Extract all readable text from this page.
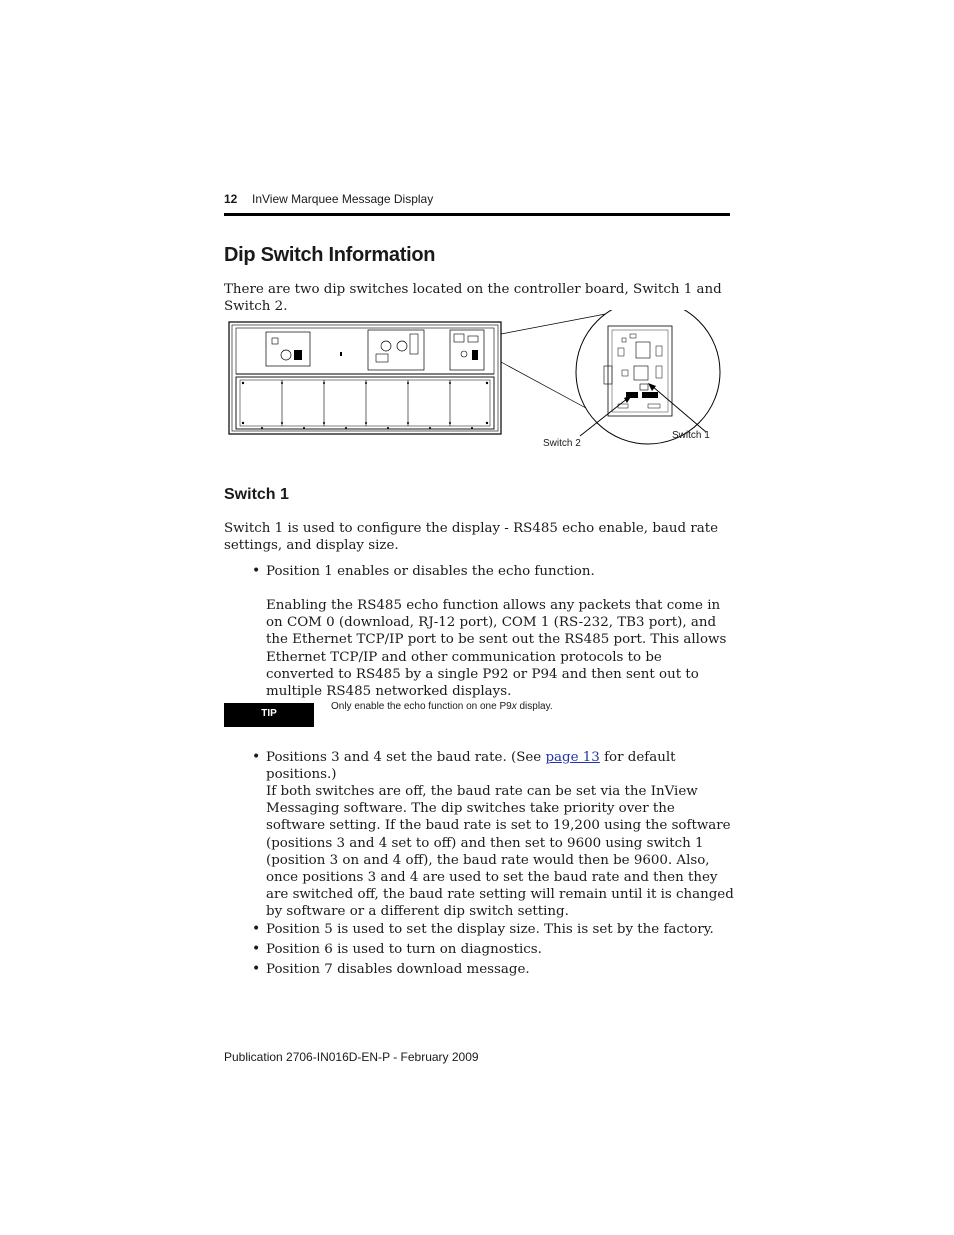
12 InView Marquee Message Display
Dip Switch Information

There are two dip switches located on the controller board, Switch 1 and Switch 2.

Switch 2
Switch 1
Switch 1

Switch 1 is used to configure the display - RS485 echo enable, baud rate settings, and display size.

• Position 1 enables or disables the echo function.

Enabling the RS485 echo function allows any packets that come in on COM 0 (download, RJ-12 port), COM 1 (RS-232, TB3 port), and the Ethernet TCP/IP port to be sent out the RS485 port. This allows Ethernet TCP/IP and other communication protocols to be converted to RS485 by a single P92 or P94 and then sent out to multiple RS485 networked displays.

TIP
Only enable the echo function on one P9x display.
• Positions 3 and 4 set the baud rate. (See page 13 for default positions.)

If both switches are off, the baud rate can be set via the InView Messaging software. The dip switches take priority over the software setting. If the baud rate is set to 19,200 using the software (positions 3 and 4 set to off) and then set to 9600 using switch 1 (position 3 on and 4 off), the baud rate would then be 9600. Also, once positions 3 and 4 are used to set the baud rate and then they are switched off, the baud rate setting will remain until it is changed by software or a different dip switch setting.

• Position 5 is used to set the display size. This is set by the factory.

• Position 6 is used to turn on diagnostics.

• Position 7 disables download message.

Publication 2706-IN016D-EN-P - February 2009
